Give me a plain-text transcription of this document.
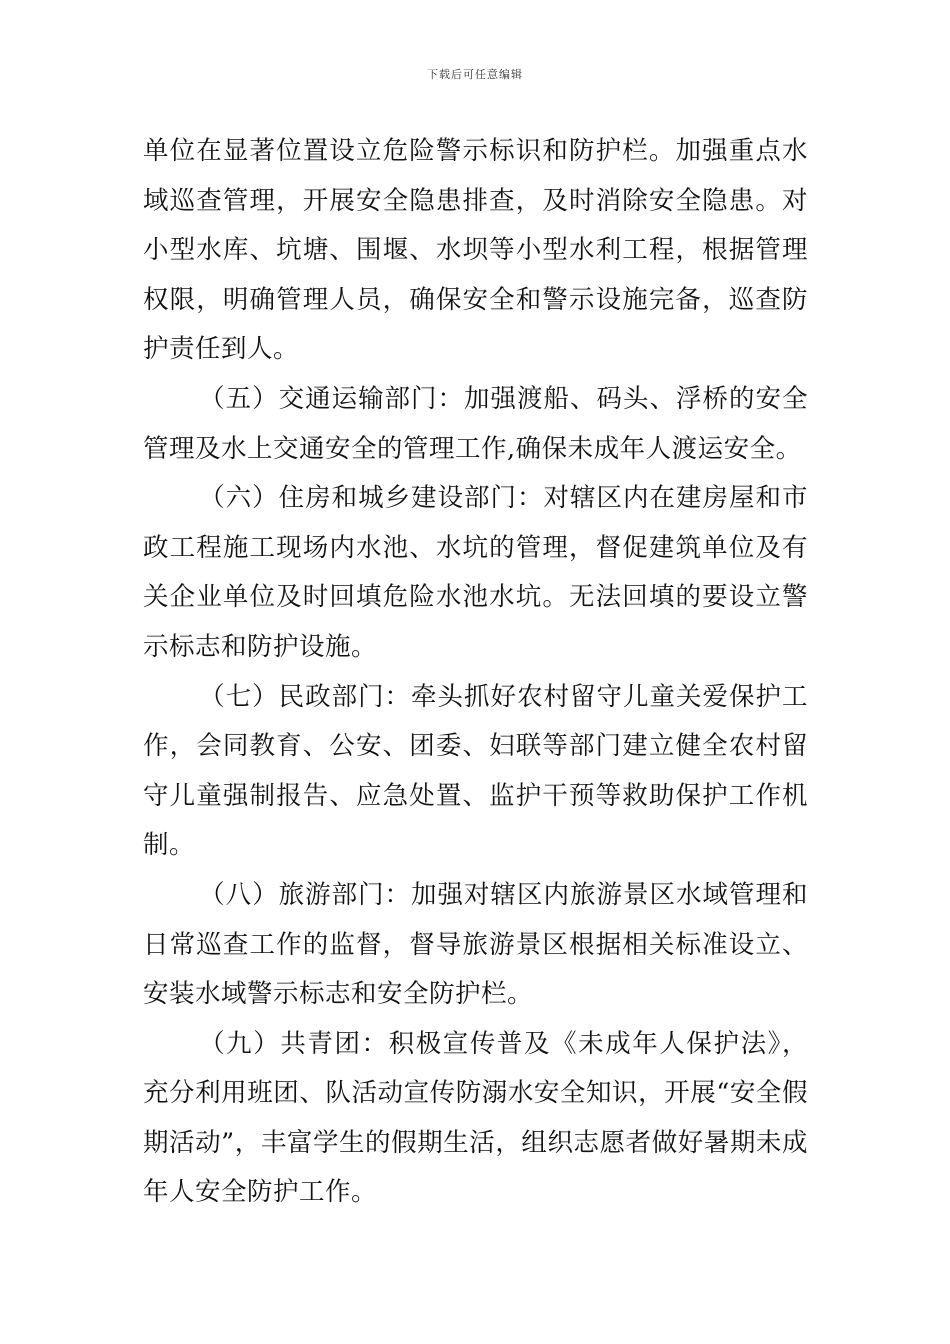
下载后可任意编辑

单位在显著位置设立危险警示标识和防护栏。加强重点水域巡查管理，开展安全隐患排查，及时消除安全隐患。对小型水库、坑塘、围堰、水坝等小型水利工程，根据管理权限，明确管理人员，确保安全和警示设施完备，巡查防护责任到人。

（五）交通运输部门：加强渡船、码头、浮桥的安全管理及水上交通安全的管理工作,确保未成年人渡运安全。

（六）住房和城乡建设部门：对辖区内在建房屋和市政工程施工现场内水池、水坑的管理，督促建筑单位及有关企业单位及时回填危险水池水坑。无法回填的要设立警示标志和防护设施。

（七）民政部门：牵头抓好农村留守儿童关爱保护工作，会同教育、公安、团委、妇联等部门建立健全农村留守儿童强制报告、应急处置、监护干预等救助保护工作机制。

（八）旅游部门：加强对辖区内旅游景区水域管理和日常巡查工作的监督，督导旅游景区根据相关标准设立、安装水域警示标志和安全防护栏。

（九）共青团：积极宣传普及《未成年人保护法》，充分利用班团、队活动宣传防溺水安全知识，开展“安全假期活动”，丰富学生的假期生活，组织志愿者做好暑期未成年人安全防护工作。
